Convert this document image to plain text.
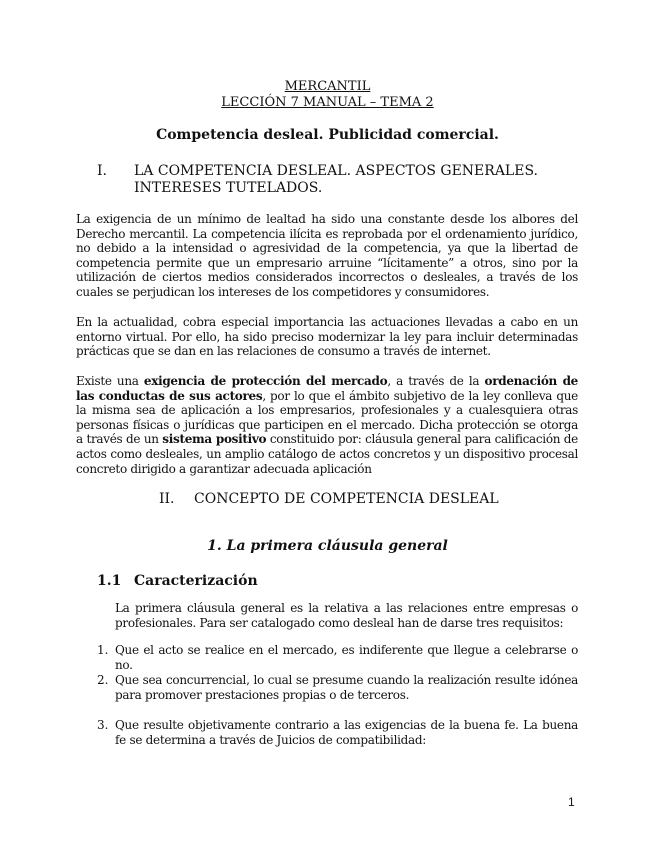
MERCANTIL
LECCIÓN 7 MANUAL – TEMA 2
Competencia desleal. Publicidad comercial.
I. LA COMPETENCIA DESLEAL. ASPECTOS GENERALES.
INTERESES TUTELADOS.
La exigencia de un mínimo de lealtad ha sido una constante desde los albores del Derecho mercantil. La competencia ilícita es reprobada por el ordenamiento jurídico, no debido a la intensidad o agresividad de la competencia, ya que la libertad de competencia permite que un empresario arruine “lícitamente” a otros, sino por la utilización de ciertos medios considerados incorrectos o desleales, a través de los cuales se perjudican los intereses de los competidores y consumidores.
En la actualidad, cobra especial importancia las actuaciones llevadas a cabo en un entorno virtual. Por ello, ha sido preciso modernizar la ley para incluir determinadas prácticas que se dan en las relaciones de consumo a través de internet.
Existe una exigencia de protección del mercado, a través de la ordenación de las conductas de sus actores, por lo que el ámbito subjetivo de la ley conlleva que la misma sea de aplicación a los empresarios, profesionales y a cualesquiera otras personas físicas o jurídicas que participen en el mercado. Dicha protección se otorga a través de un sistema positivo constituido por: cláusula general para calificación de actos como desleales, un amplio catálogo de actos concretos y un dispositivo procesal concreto dirigido a garantizar adecuada aplicación
II. CONCEPTO DE COMPETENCIA DESLEAL
1. La primera cláusula general
1.1 Caracterización
La primera cláusula general es la relativa a las relaciones entre empresas o profesionales. Para ser catalogado como desleal han de darse tres requisitos:
1. Que el acto se realice en el mercado, es indiferente que llegue a celebrarse o no.
2. Que sea concurrencial, lo cual se presume cuando la realización resulte idónea para promover prestaciones propias o de terceros.
3. Que resulte objetivamente contrario a las exigencias de la buena fe. La buena fe se determina a través de Juicios de compatibilidad:
1
